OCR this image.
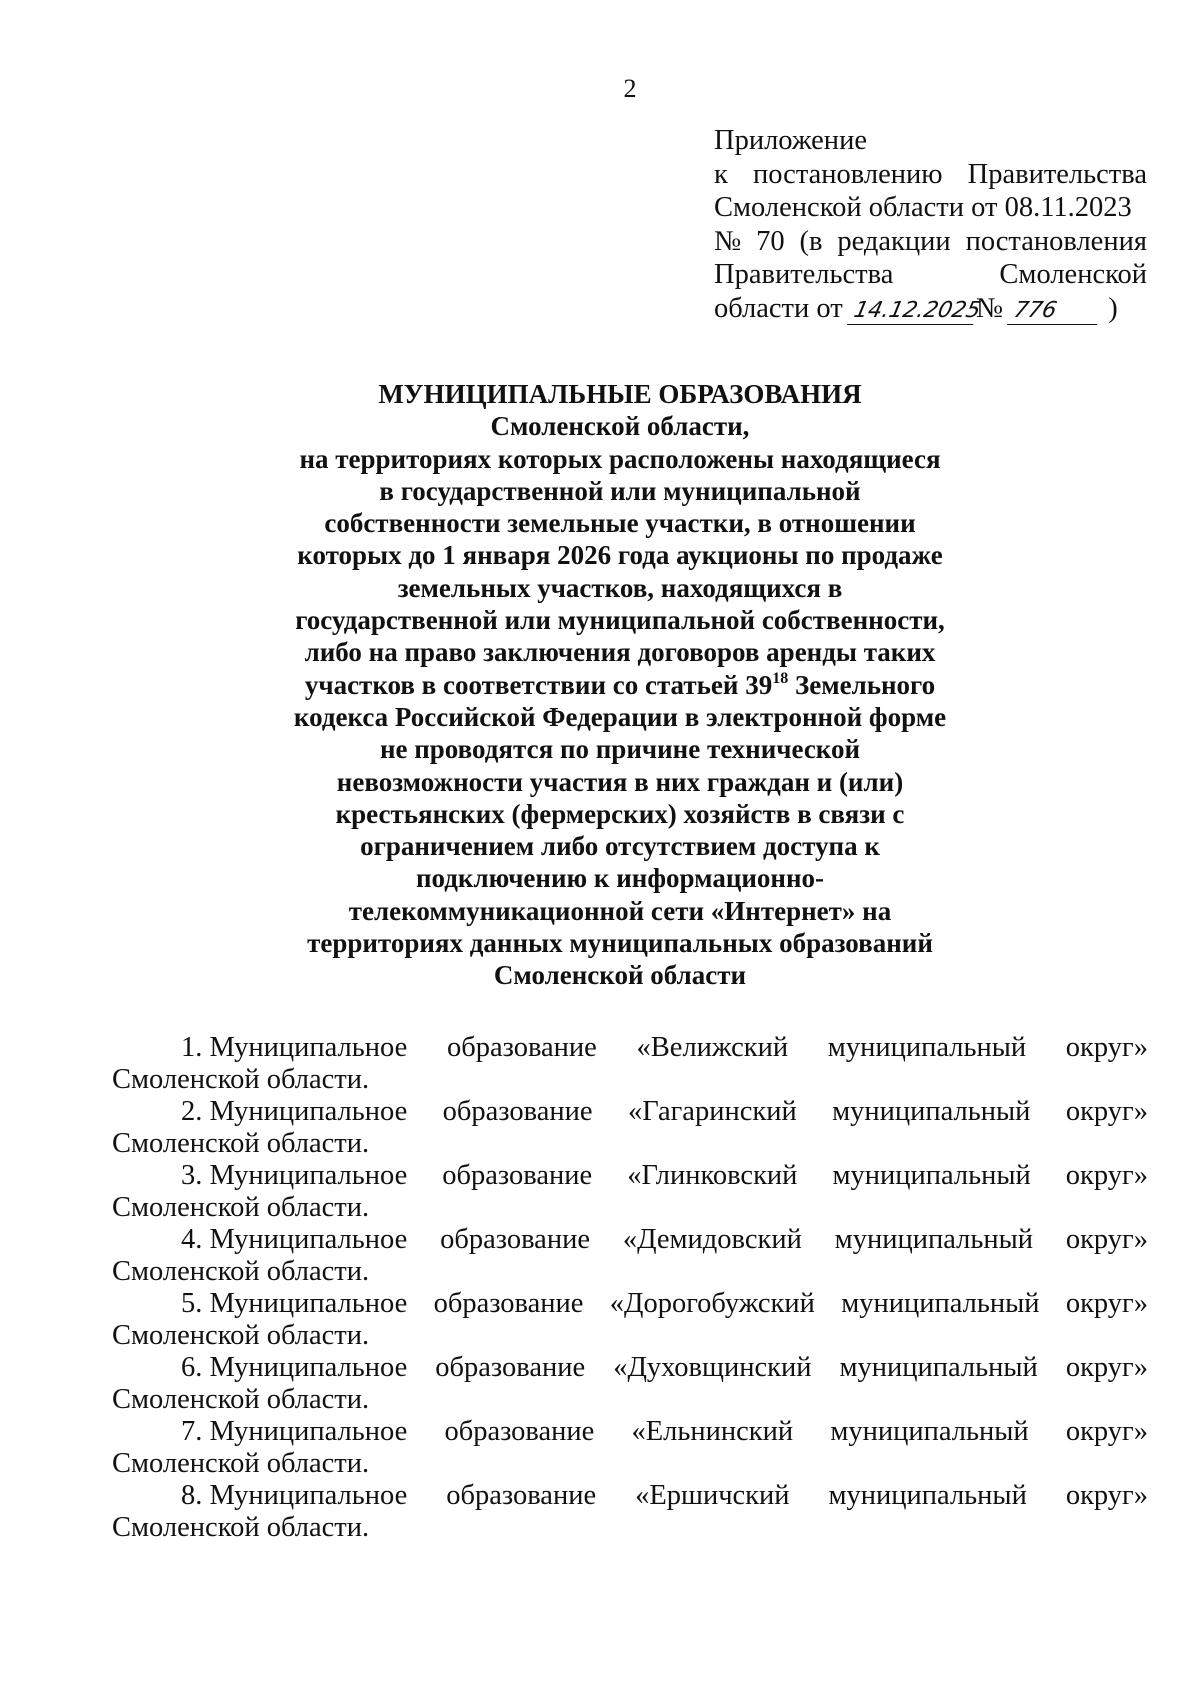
2
Приложение
к постановлению Правительства
Смоленской области от 08.11.2023
№ 70 (в редакции постановления
Правительства	Смоленской
области от 14.12.2025№ 776 )
МУНИЦИПАЛЬНЫЕ ОБРАЗОВАНИЯ
Смоленской области,
на территориях которых расположены находящиеся
в государственной или муниципальной
собственности земельные участки, в отношении
которых до 1 января 2026 года аукционы по продаже
земельных участков, находящихся в
государственной или муниципальной собственности,
либо на право заключения договоров аренды таких
участков в соответствии со статьей $39^{18}$ Земельного
кодекса Российской Федерации в электронной форме
не проводятся по причине технической
невозможности участия в них граждан и (или)
крестьянских (фермерских) хозяйств в связи с
ограничением либо отсутствием доступа к
подключению к информационно-
телекоммуникационной сети «Интернет» на
территориях данных муниципальных образований
Смоленской области
1. Муниципальное образование «Велижский муниципальный округ»
Смоленской области.
2. Муниципальное образование «Гагаринский муниципальный округ»
Смоленской области.
3. Муниципальное образование «Глинковский муниципальный округ»
Смоленской области.
4. Муниципальное образование «Демидовский муниципальный округ»
Смоленской области.
5. Муниципальное образование «Дорогобужский муниципальный округ»
Смоленской области.
6. Муниципальное образование «Духовщинский муниципальный округ»
Смоленской области.
7. Муниципальное образование «Ельнинский муниципальный округ»
Смоленской области.
8. Муниципальное образование «Ершичский муниципальный округ»
Смоленской области.
